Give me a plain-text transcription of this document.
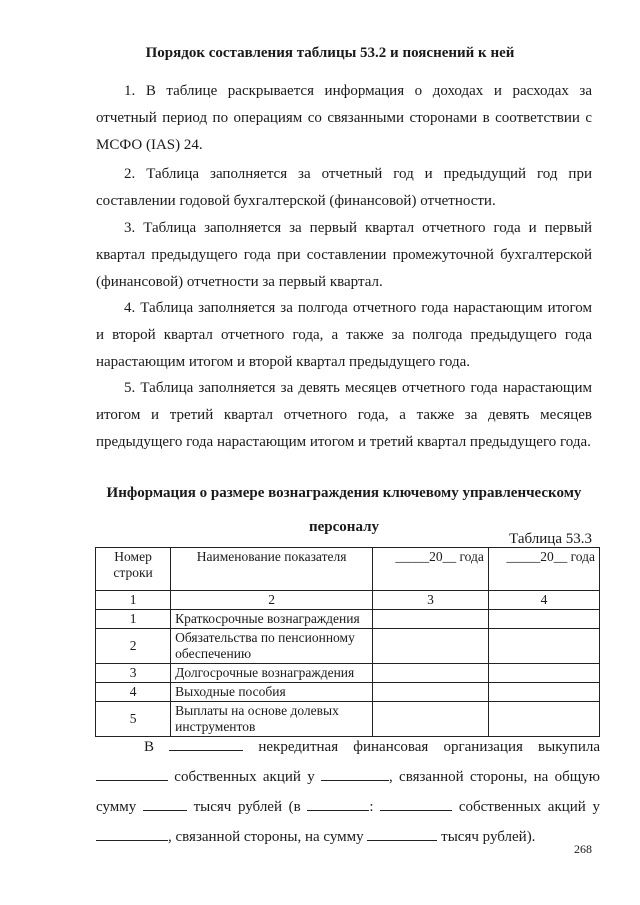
Порядок составления таблицы 53.2 и пояснений к ней
1. В таблице раскрывается информация о доходах и расходах за отчетный период по операциям со связанными сторонами в соответствии с МСФО (IAS) 24.
2. Таблица заполняется за отчетный год и предыдущий год при составлении годовой бухгалтерской (финансовой) отчетности.
3. Таблица заполняется за первый квартал отчетного года и первый квартал предыдущего года при составлении промежуточной бухгалтерской (финансовой) отчетности за первый квартал.
4. Таблица заполняется за полгода отчетного года нарастающим итогом и второй квартал отчетного года, а также за полгода предыдущего года нарастающим итогом и второй квартал предыдущего года.
5. Таблица заполняется за девять месяцев отчетного года нарастающим итогом и третий квартал отчетного года, а также за девять месяцев предыдущего года нарастающим итогом и третий квартал предыдущего года.
Информация о размере вознаграждения ключевому управленческому
персоналу
Таблица 53.3
Номер строки	Наименование показателя	_____20__ года	_____20__ года
1	2	3	4
1	Краткосрочные вознаграждения		
2	Обязательства по пенсионному обеспечению		
3	Долгосрочные вознаграждения		
4	Выходные пособия		
5	Выплаты на основе долевых инструментов		
В	некредитная финансовая организация выкупила
собственных акций у	, связанной стороны, на общую
сумму	тысяч рублей (в	:	собственных акций у
, связанной стороны, на сумму	тысяч рублей).
268
